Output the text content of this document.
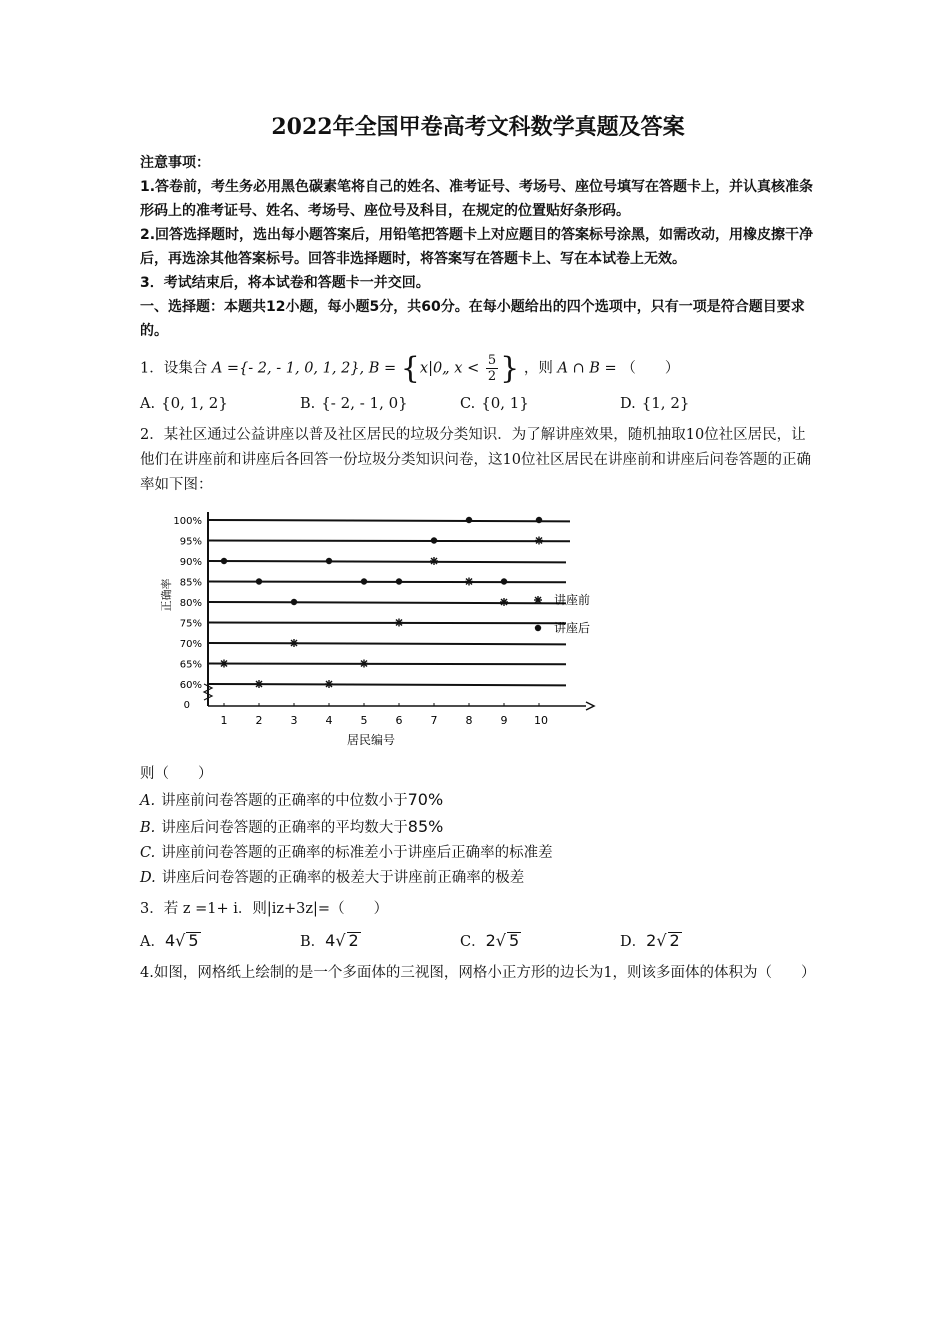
2022年全国甲卷高考文科数学真题及答案

注意事项：

1.答卷前，考生务必用黑色碳素笔将自己的姓名、准考证号、考场号、座位号填写在答题卡上，并认真核准条形码上的准考证号、姓名、考场号、座位号及科目，在规定的位置贴好条形码。

2.回答选择题时，选出每小题答案后，用铅笔把答题卡上对应题目的答案标号涂黑，如需改动，用橡皮擦干净后，再选涂其他答案标号。回答非选择题时，将答案写在答题卡上、写在本试卷上无效。

3．考试结束后，将本试卷和答题卡一并交回。

一、选择题：本题共12小题，每小题5分，共60分。在每小题给出的四个选项中，只有一项是符合题目要求的。

1．设集合 A ={- 2, - 1, 0, 1, 2}, B = {x|0„ $x < \frac{5}{2}$ } ，则 A ∩ B = （　　）
A. {0, 1, 2}	B. {- 2, - 1, 0}	C. {0, 1}	D. {1, 2}
2．某社区通过公益讲座以普及社区居民的垃圾分类知识．为了解讲座效果，随机抽取10位社区居民，让他们在讲座前和讲座后各回答一份垃圾分类知识问卷，这10位社区居民在讲座前和讲座后问卷答题的正确率如下图：
100%
95%
90%
85%
80%
75%
70%
65%
60%
0
1	2	3	4	5	6	7	8	9 10
居民编号
正确率	讲座前
讲座后
则（　　）
A. 讲座前问卷答题的正确率的中位数小于70%
B. 讲座后问卷答题的正确率的平均数大于85%
C. 讲座前问卷答题的正确率的标准差小于讲座后正确率的标准差
D. 讲座后问卷答题的正确率的极差大于讲座前正确率的极差
3．若 z =1+ i．则|iz+3z|=（　　）
A．4√ 5	B．4√ 2	C．2√ 5	D．2√ 2
4.如图，网格纸上绘制的是一个多面体的三视图，网格小正方形的边长为1，则该多面体的体积为（　　）
